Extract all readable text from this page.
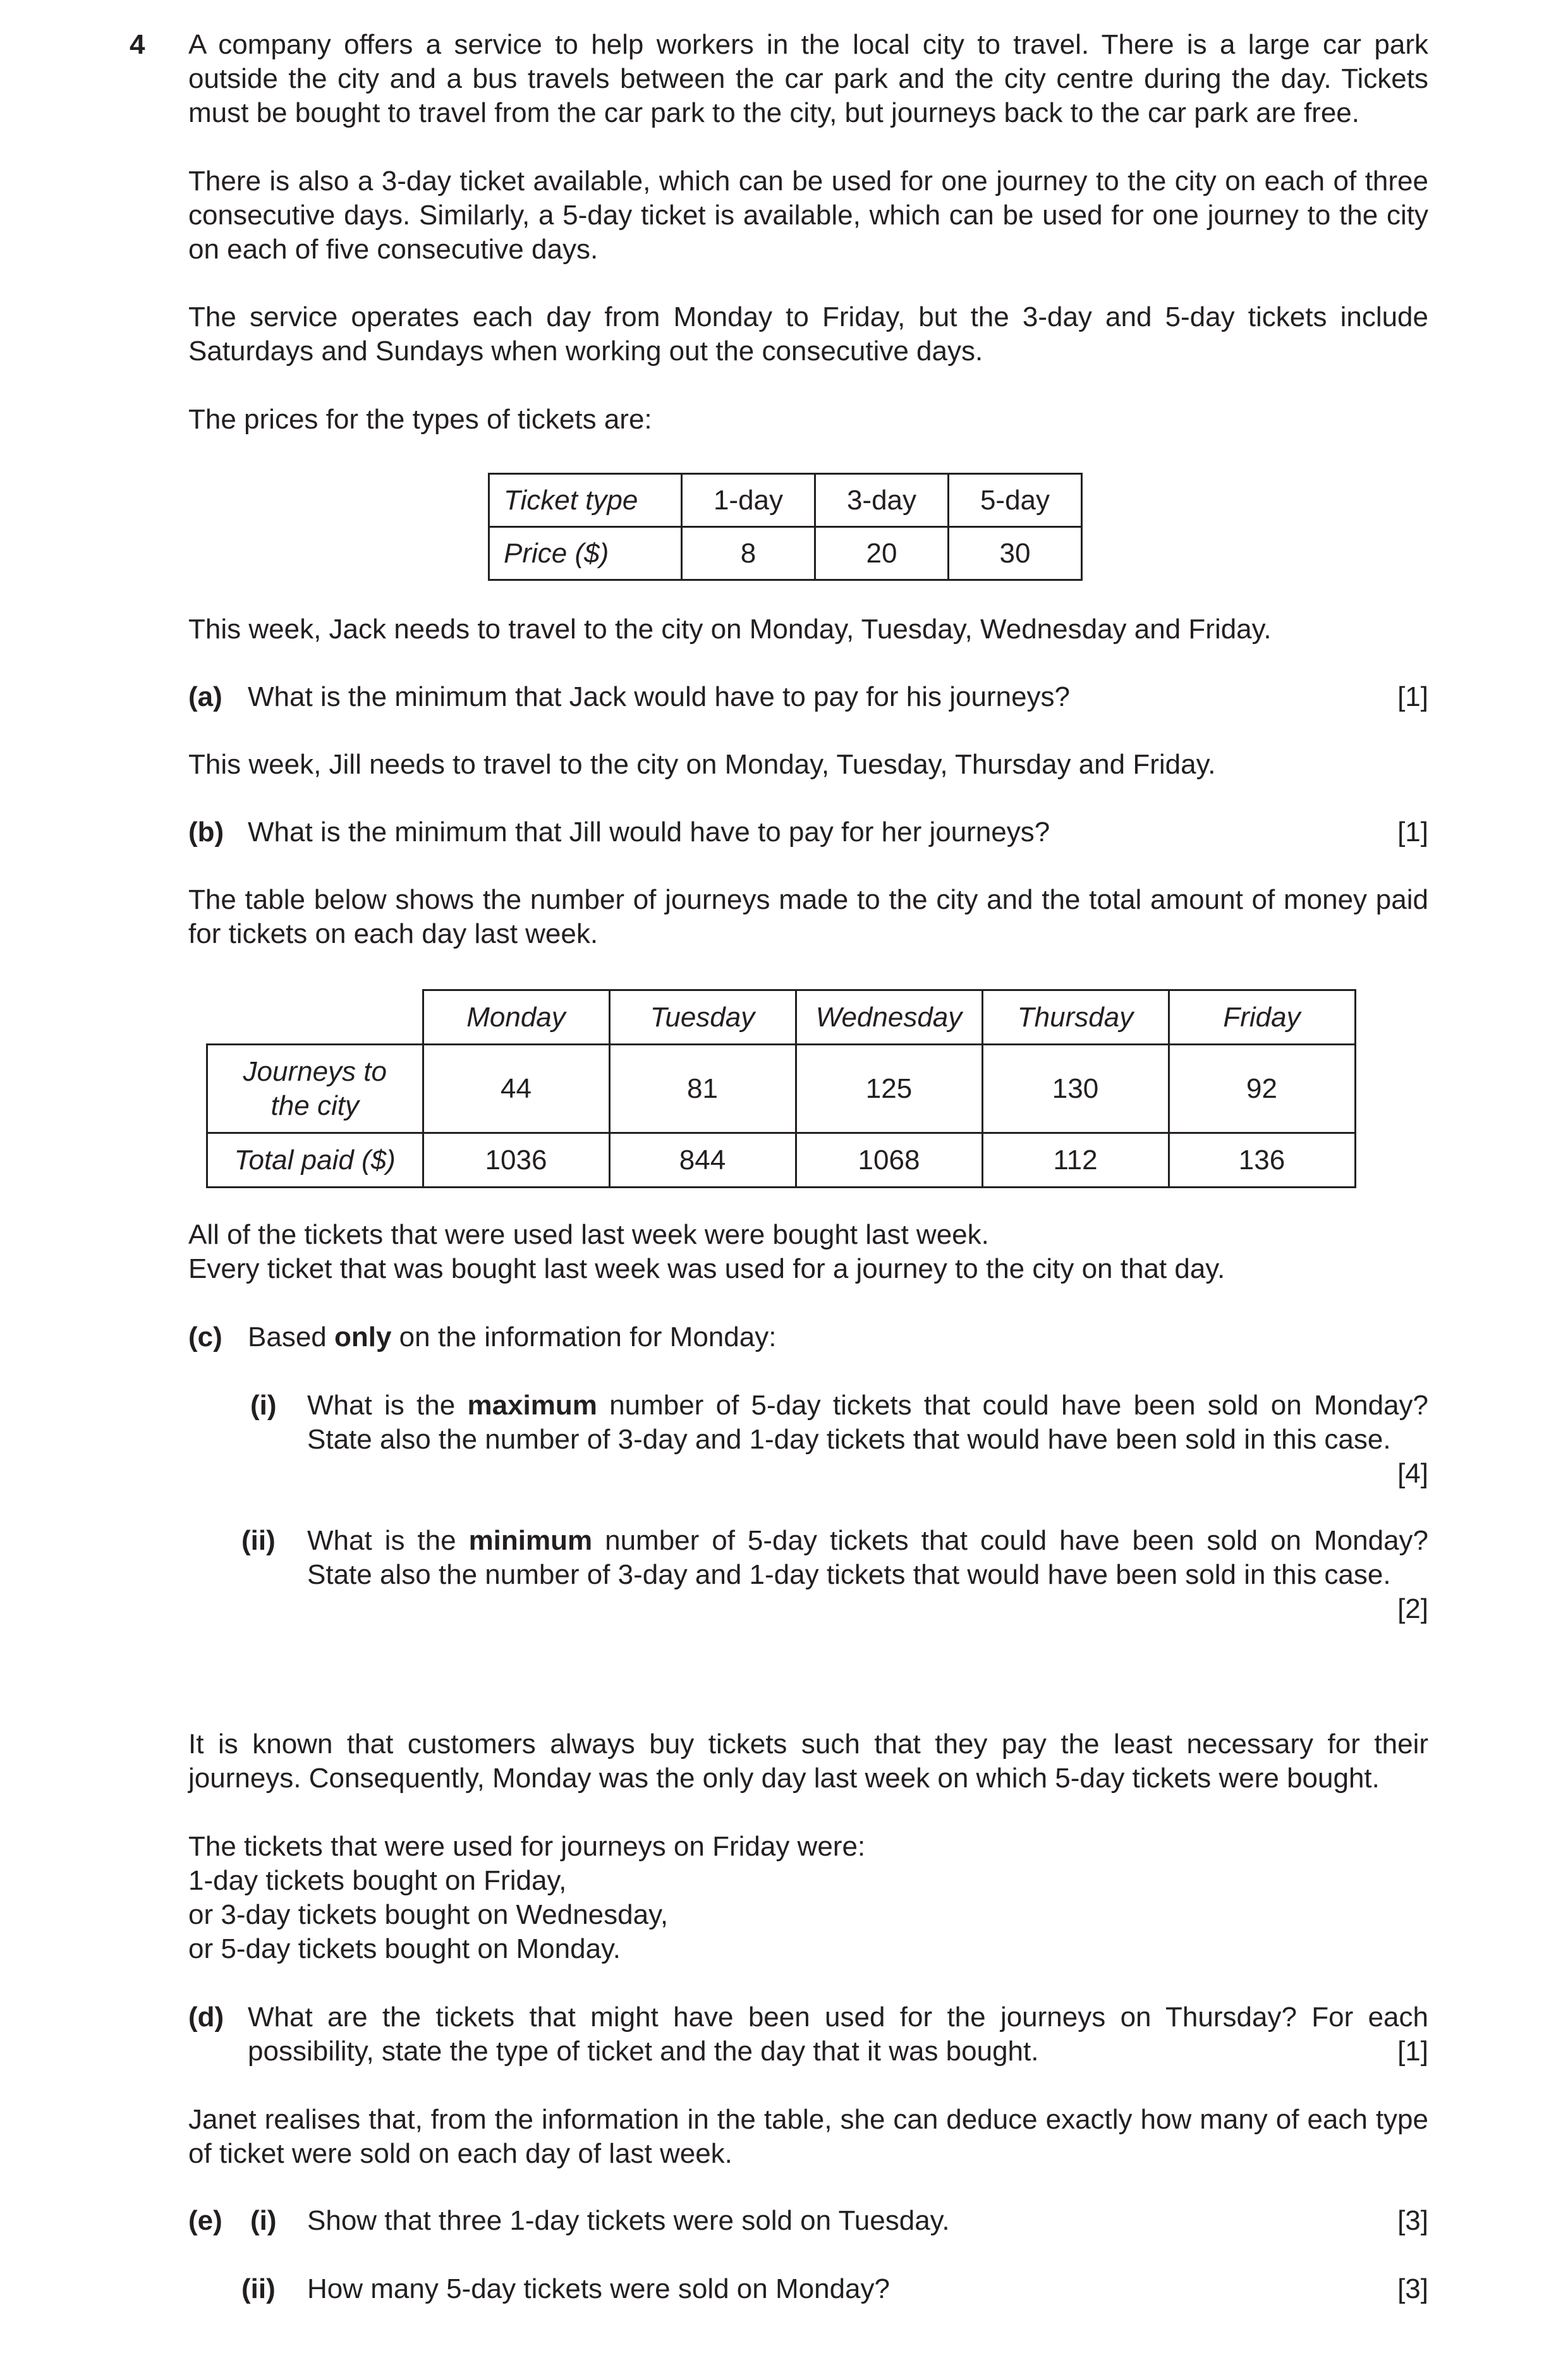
4 A company offers a service to help workers in the local city to travel. There is a large car park outside the city and a bus travels between the car park and the city centre during the day. Tickets must be bought to travel from the car park to the city, but journeys back to the car park are free.
There is also a 3-day ticket available, which can be used for one journey to the city on each of three consecutive days. Similarly, a 5-day ticket is available, which can be used for one journey to the city on each of five consecutive days.
The service operates each day from Monday to Friday, but the 3-day and 5-day tickets include Saturdays and Sundays when working out the consecutive days.
The prices for the types of tickets are:
Ticket type	1-day	3-day	5-day
Price ($)	8	20	30
This week, Jack needs to travel to the city on Monday, Tuesday, Wednesday and Friday.
(a) What is the minimum that Jack would have to pay for his journeys?	[1]
This week, Jill needs to travel to the city on Monday, Tuesday, Thursday and Friday.
(b) What is the minimum that Jill would have to pay for her journeys?	[1]
The table below shows the number of journeys made to the city and the total amount of money paid for tickets on each day last week.
	Monday	Tuesday	Wednesday	Thursday	Friday

Journeys to
the city	44	81	125	130	92
Total paid ($)	1036	844	1068	112	136
All of the tickets that were used last week were bought last week.
Every ticket that was bought last week was used for a journey to the city on that day.
(c) Based only on the information for Monday:
(i) What is the maximum number of 5-day tickets that could have been sold on Monday? State also the number of 3-day and 1-day tickets that would have been sold in this case.
[4]
(ii) What is the minimum number of 5-day tickets that could have been sold on Monday? State also the number of 3-day and 1-day tickets that would have been sold in this case.
[2]
It is known that customers always buy tickets such that they pay the least necessary for their journeys. Consequently, Monday was the only day last week on which 5-day tickets were bought.
The tickets that were used for journeys on Friday were:
1-day tickets bought on Friday,
or 3-day tickets bought on Wednesday,
or 5-day tickets bought on Monday.
(d) What are the tickets that might have been used for the journeys on Thursday? For each possibility, state the type of ticket and the day that it was bought.	[1]
Janet realises that, from the information in the table, she can deduce exactly how many of each type of ticket were sold on each day of last week.
(e) (i) Show that three 1-day tickets were sold on Tuesday.	[3]
(ii) How many 5-day tickets were sold on Monday?	[3]
